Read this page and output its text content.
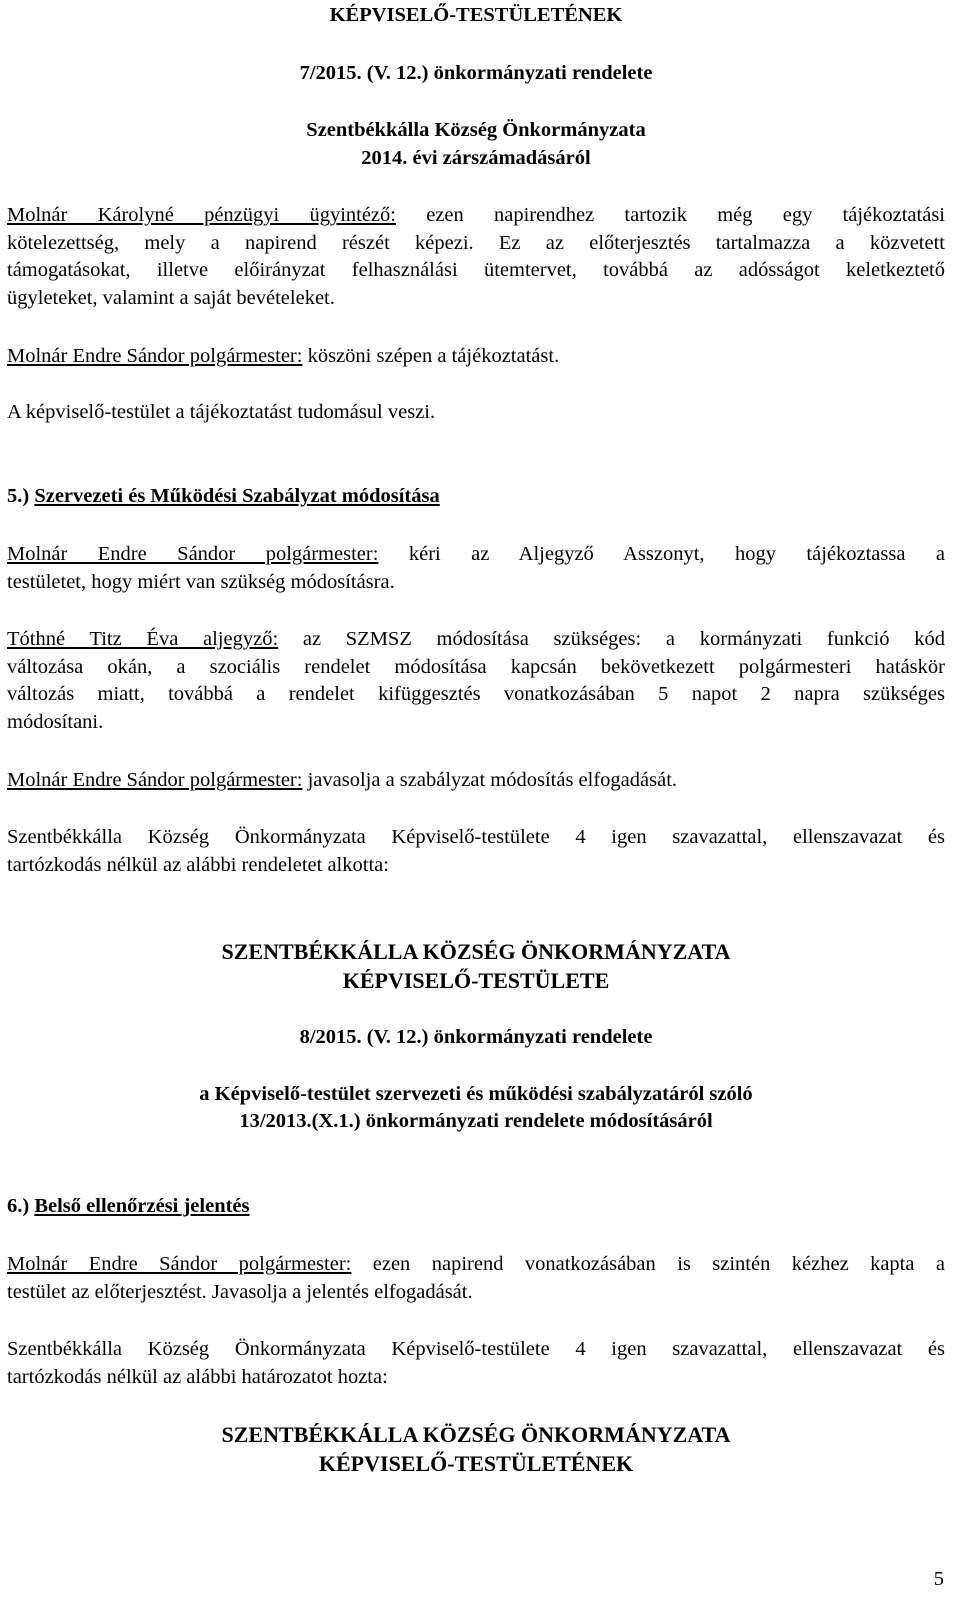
KÉPVISELŐ-TESTÜLETÉNEK
7/2015. (V. 12.) önkormányzati rendelete
Szentbékkálla Község Önkormányzata
2014. évi zárszámadásáról
Molnár Károlyné pénzügyi ügyintéző: ezen napirendhez tartozik még egy tájékoztatási
kötelezettség, mely a napirend részét képezi. Ez az előterjesztés tartalmazza a közvetett
támogatásokat, illetve előirányzat felhasználási ütemtervet, továbbá az adósságot keletkeztető
ügyleteket, valamint a saját bevételeket.
Molnár Endre Sándor polgármester: köszöni szépen a tájékoztatást.
A képviselő-testület a tájékoztatást tudomásul veszi.
5.) Szervezeti és Működési Szabályzat módosítása
Molnár Endre Sándor polgármester: kéri az Aljegyző Asszonyt, hogy tájékoztassa a
testületet, hogy miért van szükség módosításra.
Tóthné Titz Éva aljegyző: az SZMSZ módosítása szükséges: a kormányzati funkció kód
változása okán, a szociális rendelet módosítása kapcsán bekövetkezett polgármesteri hatáskör
változás miatt, továbbá a rendelet kifüggesztés vonatkozásában 5 napot 2 napra szükséges
módosítani.
Molnár Endre Sándor polgármester: javasolja a szabályzat módosítás elfogadását.
Szentbékkálla Község Önkormányzata Képviselő-testülete 4 igen szavazattal, ellenszavazat és
tartózkodás nélkül az alábbi rendeletet alkotta:
SZENTBÉKKÁLLA KÖZSÉG ÖNKORMÁNYZATA
KÉPVISELŐ-TESTÜLETE
8/2015. (V. 12.) önkormányzati rendelete
a Képviselő-testület szervezeti és működési szabályzatáról szóló
13/2013.(X.1.) önkormányzati rendelete módosításáról
6.) Belső ellenőrzési jelentés
Molnár Endre Sándor polgármester: ezen napirend vonatkozásában is szintén kézhez kapta a
testület az előterjesztést. Javasolja a jelentés elfogadását.
Szentbékkálla Község Önkormányzata Képviselő-testülete 4 igen szavazattal, ellenszavazat és
tartózkodás nélkül az alábbi határozatot hozta:
SZENTBÉKKÁLLA KÖZSÉG ÖNKORMÁNYZATA
KÉPVISELŐ-TESTÜLETÉNEK
5
